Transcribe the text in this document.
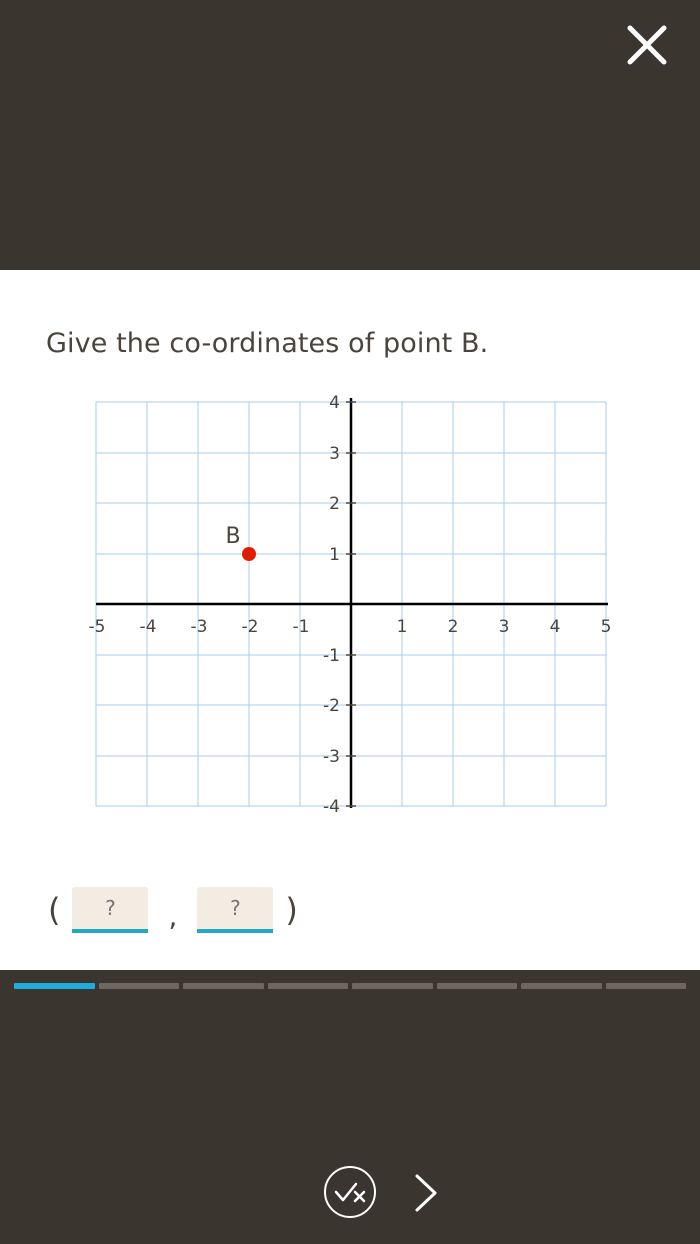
Give the co-ordinates of point B.
-5 -4 -3 -2 -1	1 2 3 4 5
4
3
2
1
-1
-2
-3
-4
B
(
?	,
?	)
